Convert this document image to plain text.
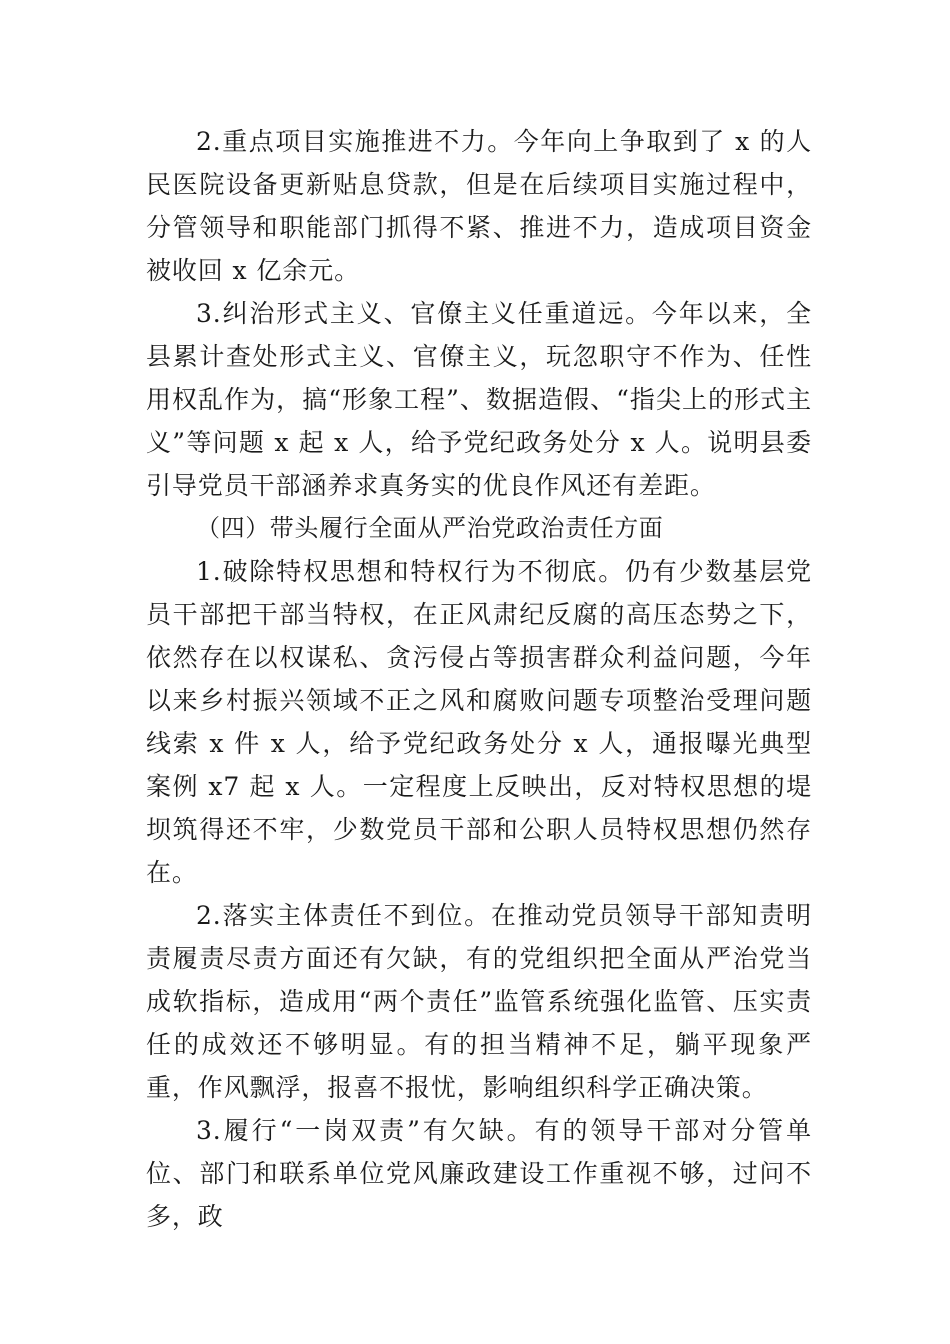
2.重点项目实施推进不力。今年向上争取到了 x 的人民医院设备更新贴息贷款，但是在后续项目实施过程中，分管领导和职能部门抓得不紧、推进不力，造成项目资金被收回 x 亿余元。

3.纠治形式主义、官僚主义任重道远。今年以来，全县累计查处形式主义、官僚主义，玩忽职守不作为、任性用权乱作为，搞“形象工程”、数据造假、“指尖上的形式主义”等问题 x 起 x 人，给予党纪政务处分 x 人。说明县委引导党员干部涵养求真务实的优良作风还有差距。

（四）带头履行全面从严治党政治责任方面

1.破除特权思想和特权行为不彻底。仍有少数基层党员干部把干部当特权，在正风肃纪反腐的高压态势之下，依然存在以权谋私、贪污侵占等损害群众利益问题，今年以来乡村振兴领域不正之风和腐败问题专项整治受理问题线索 x 件 x 人，给予党纪政务处分 x 人，通报曝光典型案例 x7 起 x 人。一定程度上反映出，反对特权思想的堤坝筑得还不牢，少数党员干部和公职人员特权思想仍然存在。

2.落实主体责任不到位。在推动党员领导干部知责明责履责尽责方面还有欠缺，有的党组织把全面从严治党当成软指标，造成用“两个责任”监管系统强化监管、压实责任的成效还不够明显。有的担当精神不足，躺平现象严重，作风飘浮，报喜不报忧，影响组织科学正确决策。

3.履行“一岗双责”有欠缺。有的领导干部对分管单位、部门和联系单位党风廉政建设工作重视不够，过问不多，政
